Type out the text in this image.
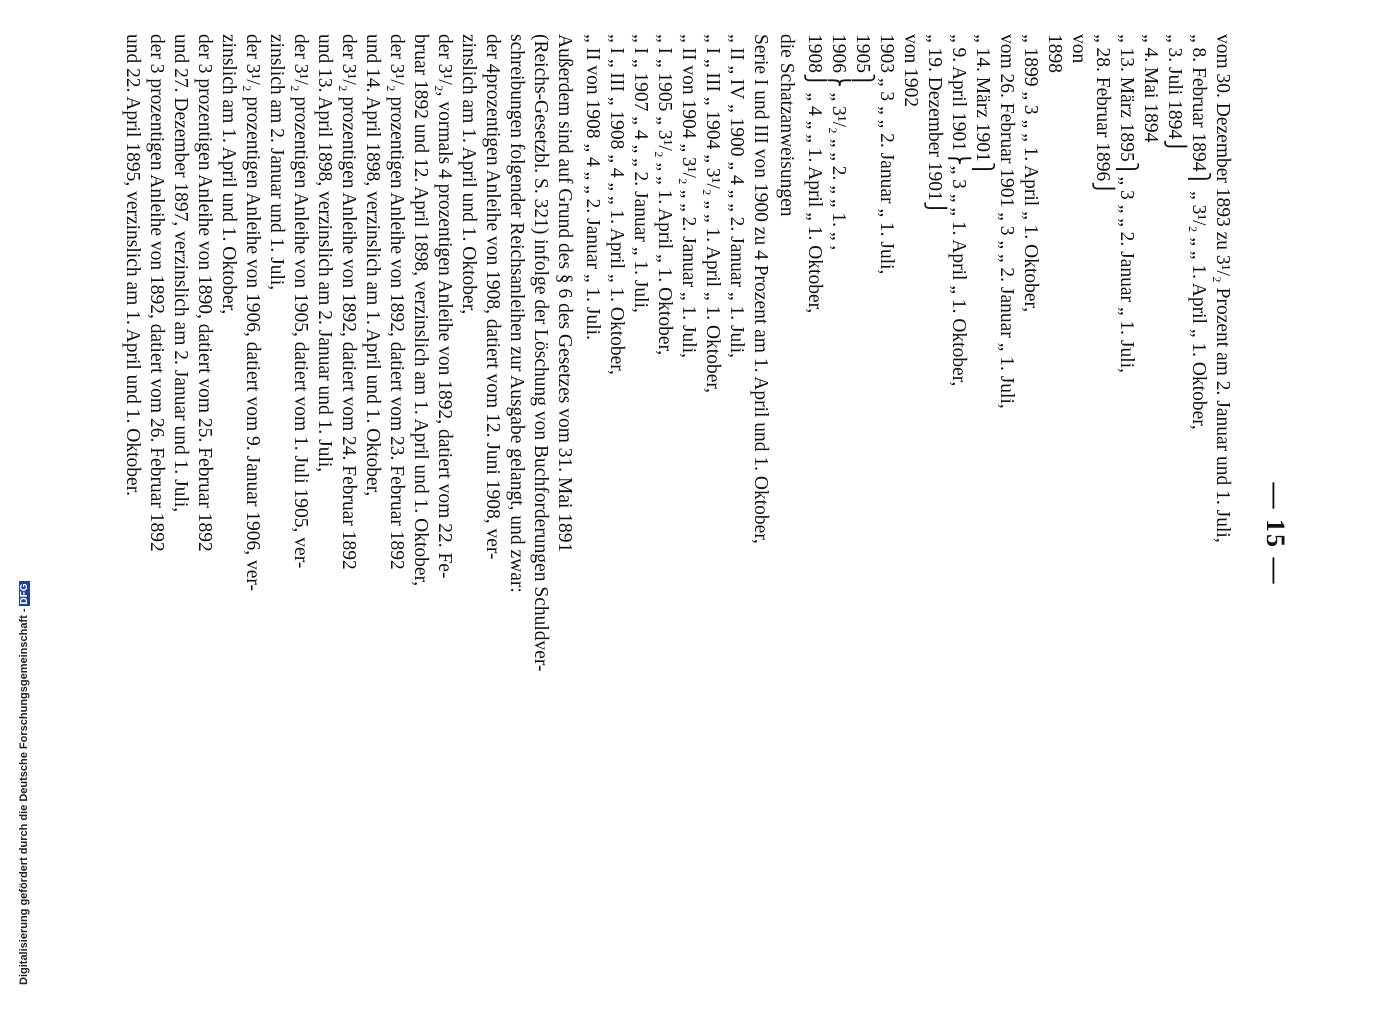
— 15 —
vom 30. Dezember 1893 zu 3¹/₂ Prozent am 2. Januar und 1. Juli,
„ 8. Februar 1894⎫ „ 3¹/₂ „ „ 1. April „ 1. Oktober,
„ 3. Juli 1894⎭
„ 4. Mai 1894
„ 13. März 1895⎫„ 3 „ „ 2. Januar „ 1. Juli,
„ 28. Februar 1896⎭
von
1898
„ 1899 „ 3 „ „ 1. April „ 1. Oktober,
vom 26. Februar 1901 „ 3 „ „ 2. Januar „ 1. Juli,
„ 14. März 1901⎫
„ 9. April 1901⎬„ 3 „ „ 1. April „ 1. Oktober,
„ 19. Dezember 1901⎭
von 1902
1903 „ 3 „ „ 2. Januar „ 1. Juli,
1905⎫
1906⎬ „ 3¹/₂ „ „ 2. „ „ 1. „ ,
1908⎭ „ 4 „ „ 1. April „ 1. Oktober,
die Schatzanweisungen
Serie I und III von 1900 zu 4 Prozent am 1. April und 1. Oktober,
„ II „ IV „ 1900 „ 4 „ „ 2. Januar „ 1. Juli,
„ I „ III „ 1904 „ 3¹/₂ „ „ 1. April „ 1. Oktober,
„ II von 1904 „ 3¹/₂ „ „ 2. Januar „ 1. Juli,
„ I „ 1905 „ 3¹/₂ „ „ 1. April „ 1. Oktober,
„ I „ 1907 „ 4 „ „ 2. Januar „ 1. Juli,
„ I „ III „ 1908 „ 4 „ „ 1. April „ 1. Oktober,
„ II von 1908 „ 4 „ „ 2. Januar „ 1. Juli.
Außerdem sind auf Grund des § 6 des Gesetzes vom 31. Mai 1891
(Reichs-Gesetzbl. S. 321) infolge der Löschung von Buchforderungen Schuldver-
schreibungen folgender Reichsanleihen zur Ausgabe gelangt, und zwar:
der 4prozentigen Anleihe von 1908, datiert vom 12. Juni 1908, ver-
zinslich am 1. April und 1. Oktober,
der 3¹/₂, vormals 4 prozentigen Anleihe von 1892, datiert vom 22. Fe-
bruar 1892 und 12. April 1898, verzinslich am 1. April und 1. Oktober,
der 3¹/₂ prozentigen Anleihe von 1892, datiert vom 23. Februar 1892
und 14. April 1898, verzinslich am 1. April und 1. Oktober,
der 3¹/₂ prozentigen Anleihe von 1892, datiert vom 24. Februar 1892
und 13. April 1898, verzinslich am 2. Januar und 1. Juli,
der 3¹/₂ prozentigen Anleihe von 1905, datiert vom 1. Juli 1905, ver-
zinslich am 2. Januar und 1. Juli,
der 3¹/₂ prozentigen Anleihe von 1906, datiert vom 9. Januar 1906, ver-
zinslich am 1. April und 1. Oktober,
der 3 prozentigen Anleihe von 1890, datiert vom 25. Februar 1892
und 27. Dezember 1897, verzinslich am 2. Januar und 1. Juli,
der 3 prozentigen Anleihe von 1892, datiert vom 26. Februar 1892
und 22. April 1895, verzinslich am 1. April und 1. Oktober.
Digitalisierung gefördert durch die Deutsche Forschungsgemeinschaft -DFG
